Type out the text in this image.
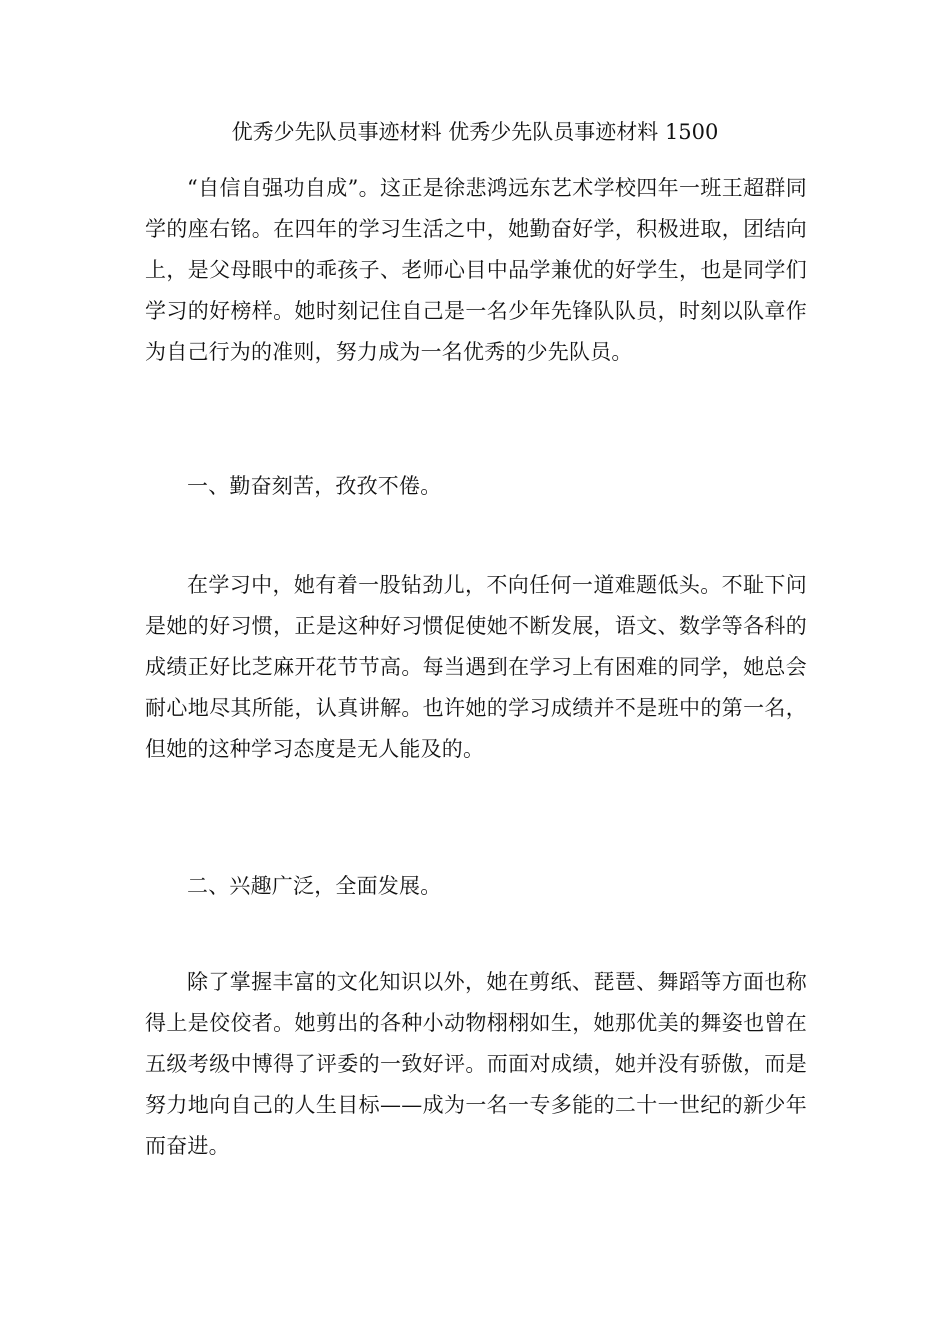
优秀少先队员事迹材料 优秀少先队员事迹材料 1500

“自信自强功自成”。这正是徐悲鸿远东艺术学校四年一班王超群同学的座右铭。在四年的学习生活之中，她勤奋好学，积极进取，团结向上，是父母眼中的乖孩子、老师心目中品学兼优的好学生，也是同学们学习的好榜样。她时刻记住自己是一名少年先锋队队员，时刻以队章作为自己行为的准则，努力成为一名优秀的少先队员。

一、勤奋刻苦，孜孜不倦。

在学习中，她有着一股钻劲儿，不向任何一道难题低头。不耻下问是她的好习惯，正是这种好习惯促使她不断发展，语文、数学等各科的成绩正好比芝麻开花节节高。每当遇到在学习上有困难的同学，她总会耐心地尽其所能，认真讲解。也许她的学习成绩并不是班中的第一名，但她的这种学习态度是无人能及的。

二、兴趣广泛，全面发展。

除了掌握丰富的文化知识以外，她在剪纸、琵琶、舞蹈等方面也称得上是佼佼者。她剪出的各种小动物栩栩如生，她那优美的舞姿也曾在五级考级中博得了评委的一致好评。而面对成绩，她并没有骄傲，而是努力地向自己的人生目标——成为一名一专多能的二十一世纪的新少年而奋进。
